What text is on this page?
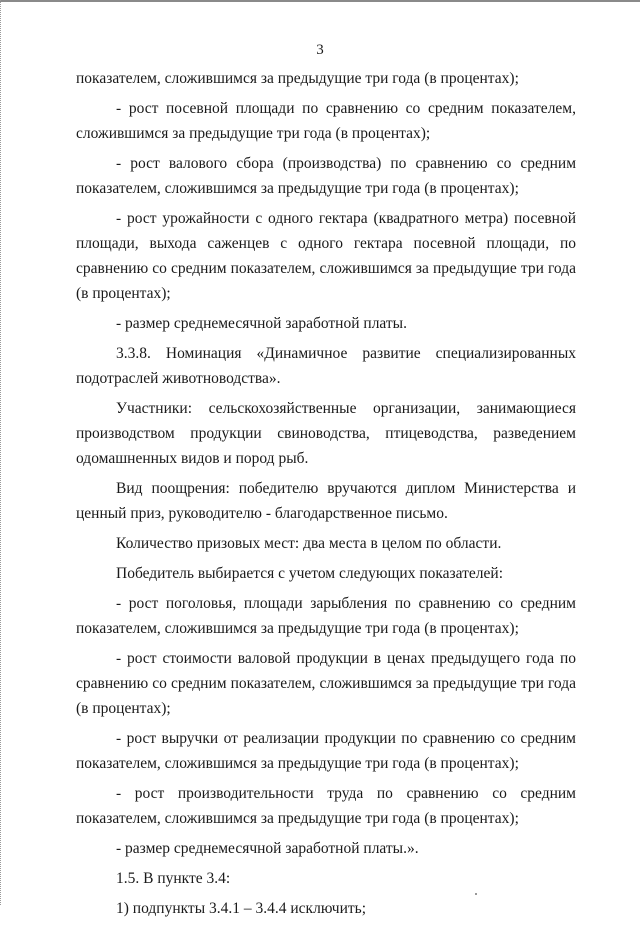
3

показателем, сложившимся за предыдущие три года (в процентах);

- рост посевной площади по сравнению со средним показателем, сложившимся за предыдущие три года (в процентах);

- рост валового сбора (производства) по сравнению со средним показателем, сложившимся за предыдущие три года (в процентах);

- рост урожайности с одного гектара (квадратного метра) посевной площади, выхода саженцев с одного гектара посевной площади, по сравнению со средним показателем, сложившимся за предыдущие три года (в процентах);

- размер среднемесячной заработной платы.

3.3.8. Номинация «Динамичное развитие специализированных подотраслей животноводства».

Участники: сельскохозяйственные организации, занимающиеся производством продукции свиноводства, птицеводства, разведением одомашненных видов и пород рыб.

Вид поощрения: победителю вручаются диплом Министерства и ценный приз, руководителю - благодарственное письмо.

Количество призовых мест: два места в целом по области.

Победитель выбирается с учетом следующих показателей:

- рост поголовья, площади зарыбления по сравнению со средним показателем, сложившимся за предыдущие три года (в процентах);

- рост стоимости валовой продукции в ценах предыдущего года по сравнению со средним показателем, сложившимся за предыдущие три года (в процентах);

- рост выручки от реализации продукции по сравнению со средним показателем, сложившимся за предыдущие три года (в процентах);

- рост производительности труда по сравнению со средним показателем, сложившимся за предыдущие три года (в процентах);

- размер среднемесячной заработной платы.».

1.5. В пункте 3.4:

1) подпункты 3.4.1 – 3.4.4 исключить;
